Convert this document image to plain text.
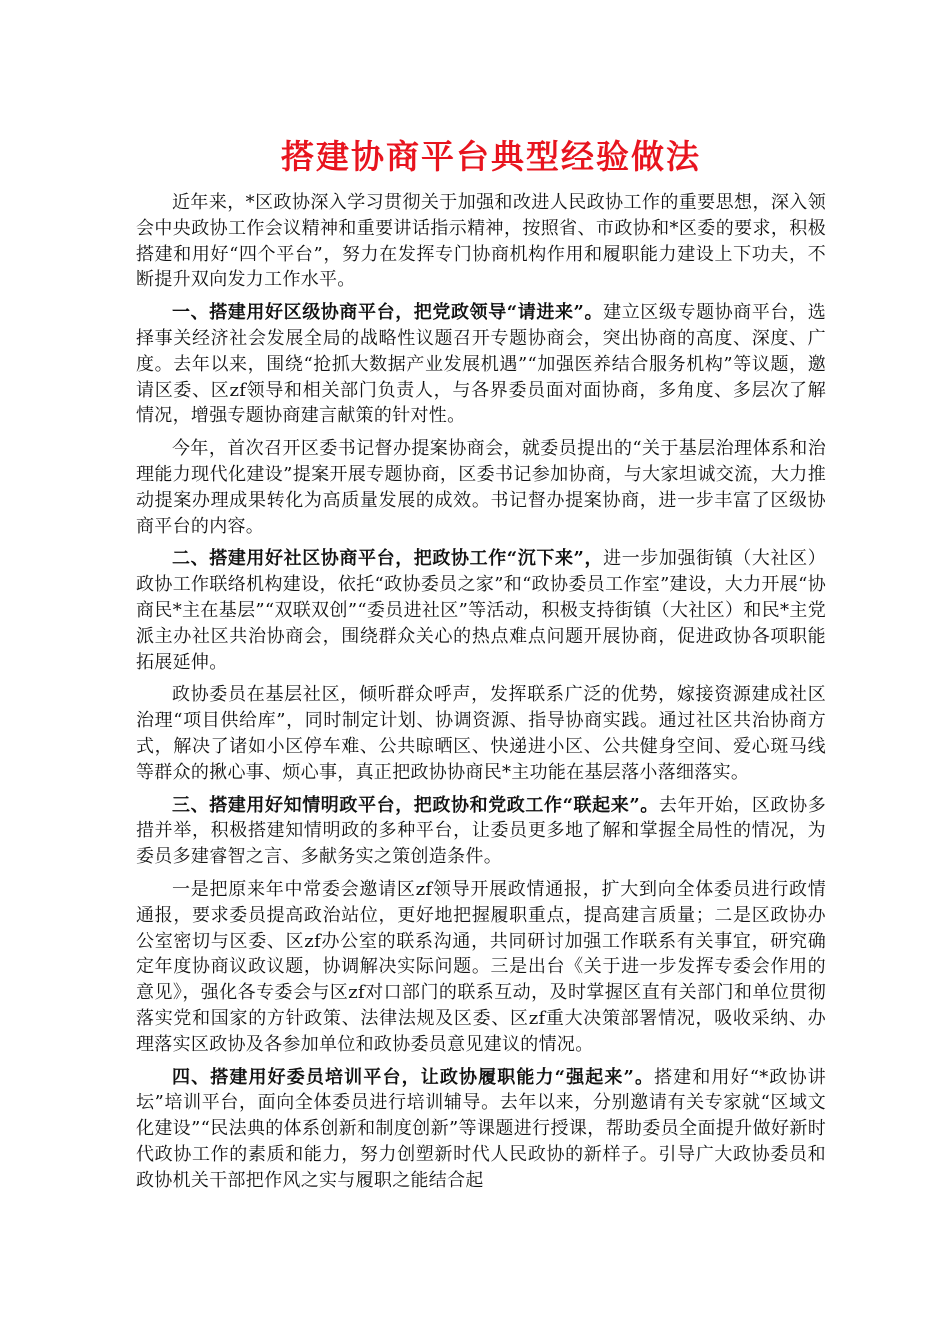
搭建协商平台典型经验做法

近年来，*区政协深入学习贯彻关于加强和改进人民政协工作的重要思想，深入领会中央政协工作会议精神和重要讲话指示精神，按照省、市政协和*区委的要求，积极搭建和用好“四个平台”，努力在发挥专门协商机构作用和履职能力建设上下功夫，不断提升双向发力工作水平。

一、搭建用好区级协商平台，把党政领导“请进来”。建立区级专题协商平台，选择事关经济社会发展全局的战略性议题召开专题协商会，突出协商的高度、深度、广度。去年以来，围绕“抢抓大数据产业发展机遇”“加强医养结合服务机构”等议题，邀请区委、区zf领导和相关部门负责人，与各界委员面对面协商，多角度、多层次了解情况，增强专题协商建言献策的针对性。

今年，首次召开区委书记督办提案协商会，就委员提出的“关于基层治理体系和治理能力现代化建设”提案开展专题协商，区委书记参加协商，与大家坦诚交流，大力推动提案办理成果转化为高质量发展的成效。书记督办提案协商，进一步丰富了区级协商平台的内容。

二、搭建用好社区协商平台，把政协工作“沉下来”，进一步加强街镇（大社区）政协工作联络机构建设，依托“政协委员之家”和“政协委员工作室”建设，大力开展“协商民*主在基层”“双联双创”“委员进社区”等活动，积极支持街镇（大社区）和民*主党派主办社区共治协商会，围绕群众关心的热点难点问题开展协商，促进政协各项职能拓展延伸。

政协委员在基层社区，倾听群众呼声，发挥联系广泛的优势，嫁接资源建成社区治理“项目供给库”，同时制定计划、协调资源、指导协商实践。通过社区共治协商方式，解决了诸如小区停车难、公共晾晒区、快递进小区、公共健身空间、爱心斑马线等群众的揪心事、烦心事，真正把政协协商民*主功能在基层落小落细落实。

三、搭建用好知情明政平台，把政协和党政工作“联起来”。去年开始，区政协多措并举，积极搭建知情明政的多种平台，让委员更多地了解和掌握全局性的情况，为委员多建睿智之言、多献务实之策创造条件。

一是把原来年中常委会邀请区zf领导开展政情通报，扩大到向全体委员进行政情通报，要求委员提高政治站位，更好地把握履职重点，提高建言质量；二是区政协办公室密切与区委、区zf办公室的联系沟通，共同研讨加强工作联系有关事宜，研究确定年度协商议政议题，协调解决实际问题。三是出台《关于进一步发挥专委会作用的意见》，强化各专委会与区zf对口部门的联系互动，及时掌握区直有关部门和单位贯彻落实党和国家的方针政策、法律法规及区委、区zf重大决策部署情况，吸收采纳、办理落实区政协及各参加单位和政协委员意见建议的情况。

四、搭建用好委员培训平台，让政协履职能力“强起来”。搭建和用好“*政协讲坛”培训平台，面向全体委员进行培训辅导。去年以来，分别邀请有关专家就“区域文化建设”“民法典的体系创新和制度创新”等课题进行授课，帮助委员全面提升做好新时代政协工作的素质和能力，努力创塑新时代人民政协的新样子。引导广大政协委员和政协机关干部把作风之实与履职之能结合起
